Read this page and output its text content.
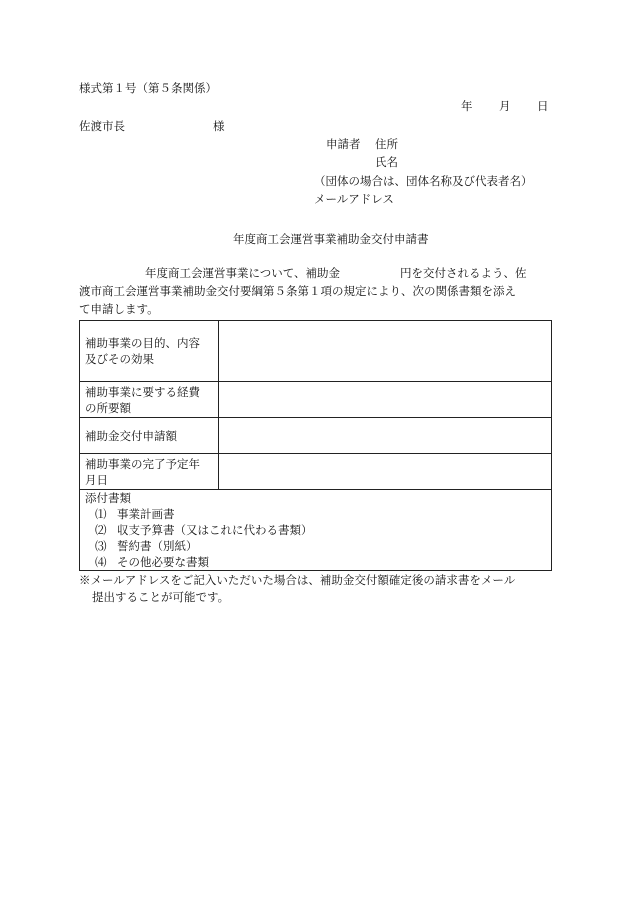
様式第１号（第５条関係）
年 月 日
佐渡市長	様
申請者 住所
氏名
（団体の場合は、団体名称及び代表者名）
メールアドレス
年度商工会運営事業補助金交付申請書
年度商工会運営事業について、補助金	円を交付されるよう、佐
渡市商工会運営事業補助金交付要綱第５条第１項の規定により、次の関係書類を添え
て申請します。
補助事業の目的、内容
及びその効果	

補助事業に要する経費
の所要額	

補助金交付申請額	

補助事業の完了予定年
月日	

添付書類
⑴ 事業計画書
⑵ 収支予算書（又はこれに代わる書類）
⑶ 誓約書（別紙）
⑷ その他必要な書類	
※メールアドレスをご記入いただいた場合は、補助金交付額確定後の請求書をメール
提出することが可能です。
